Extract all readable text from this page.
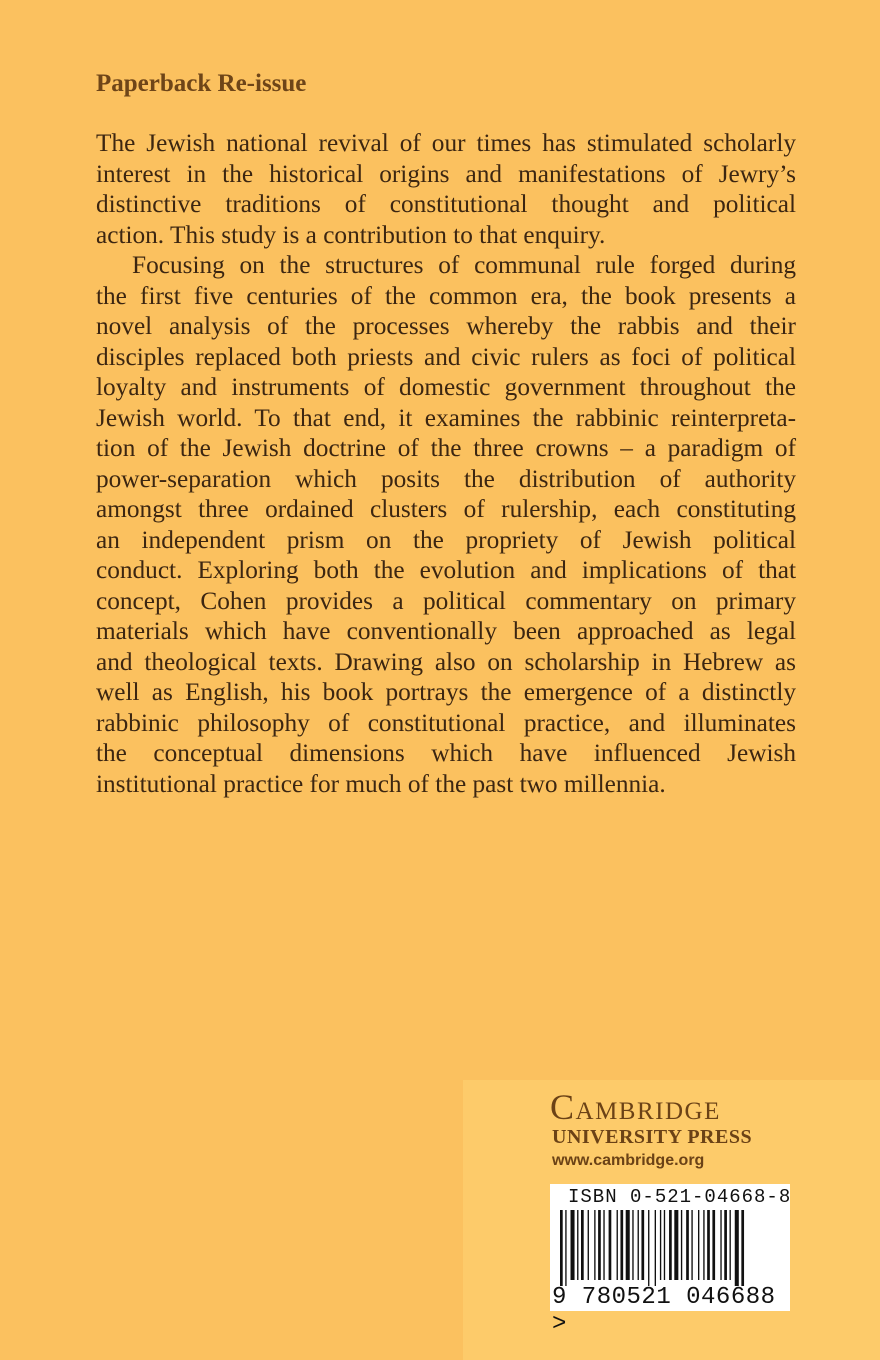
Paperback Re-issue

The Jewish national revival of our times has stimulated scholarly
interest in the historical origins and manifestations of Jewry’s
distinctive traditions of constitutional thought and political
action. This study is a contribution to that enquiry.

Focusing on the structures of communal rule forged during
the first five centuries of the common era, the book presents a
novel analysis of the processes whereby the rabbis and their
disciples replaced both priests and civic rulers as foci of political
loyalty and instruments of domestic government throughout the
Jewish world. To that end, it examines the rabbinic reinterpreta-
tion of the Jewish doctrine of the three crowns – a paradigm of
power-separation which posits the distribution of authority
amongst three ordained clusters of rulership, each constituting
an independent prism on the propriety of Jewish political
conduct. Exploring both the evolution and implications of that
concept, Cohen provides a political commentary on primary
materials which have conventionally been approached as legal
and theological texts. Drawing also on scholarship in Hebrew as
well as English, his book portrays the emergence of a distinctly
rabbinic philosophy of constitutional practice, and illuminates
the conceptual dimensions which have influenced Jewish
institutional practice for much of the past two millennia.

Cambridge
UNIVERSITY PRESS
www.cambridge.org
ISBN 0-521-04668-8
9 780521 046688 >
